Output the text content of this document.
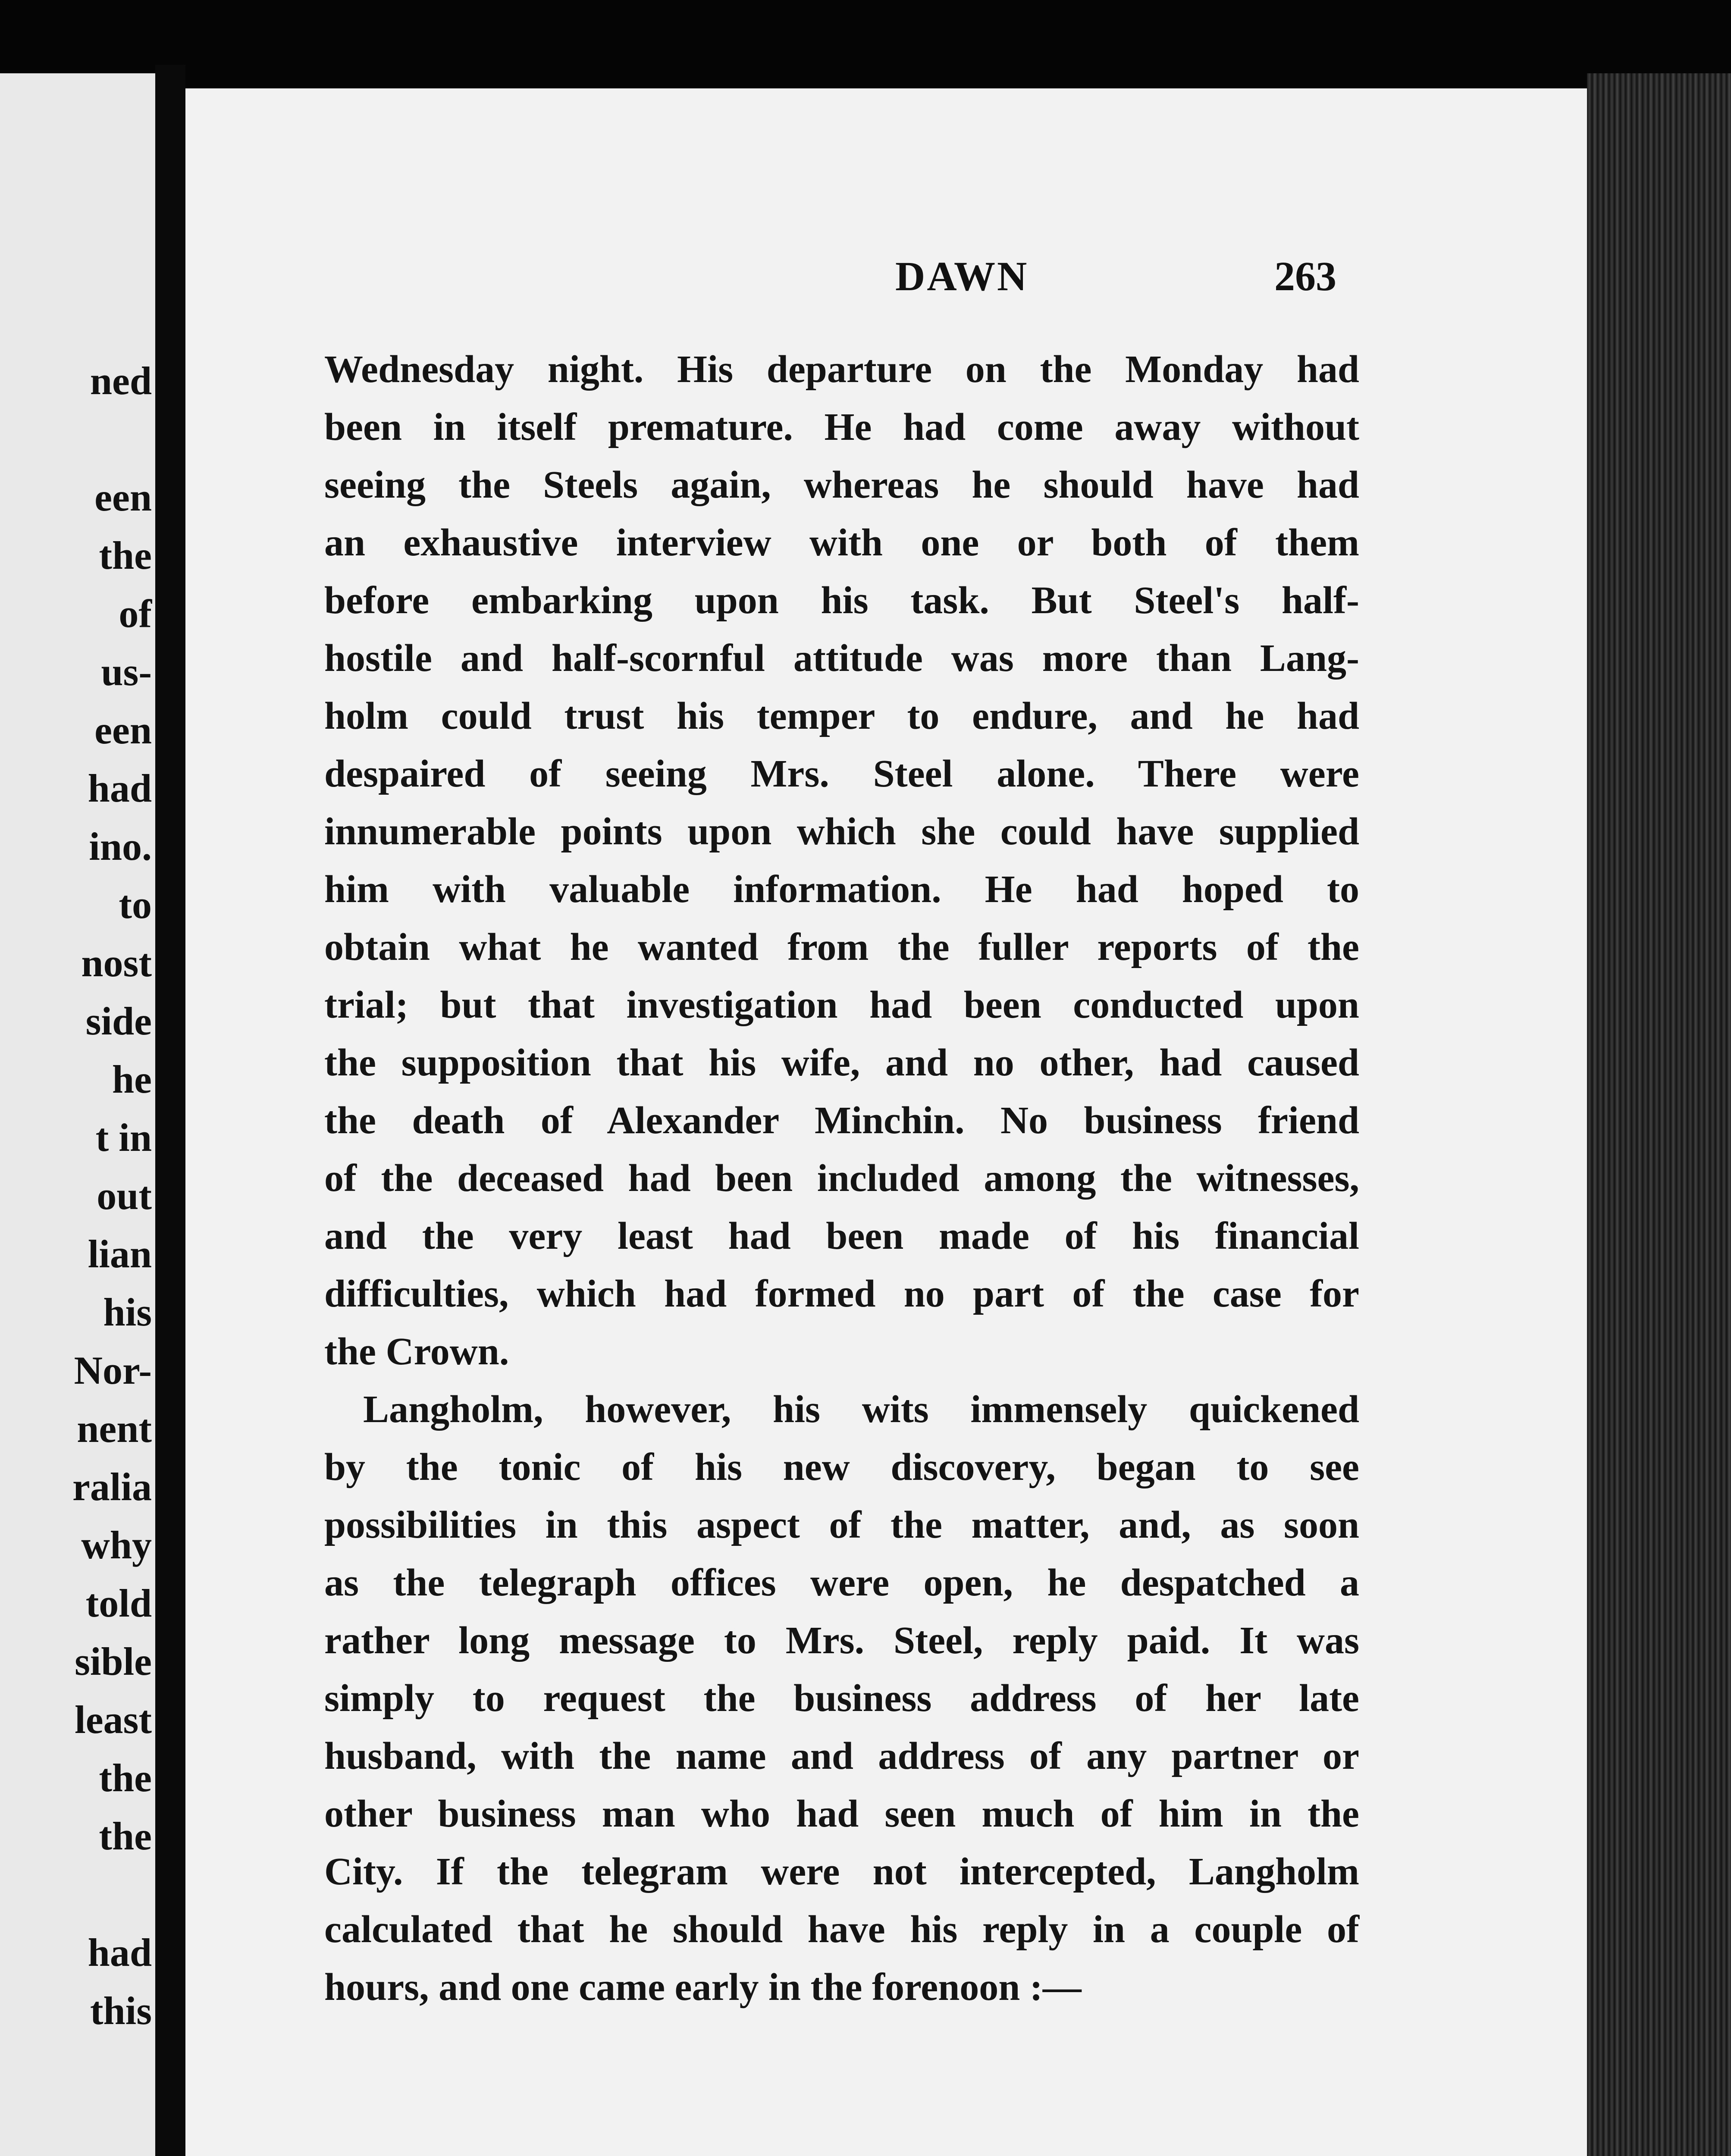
ned
een
the
of
us-
een
had
ino.
to
nost
side
he
t in
out
lian
his
Nor-
nent
ralia
why
told
sible
least
the
the
had
this
DAWN	263
Wednesday night. His departure on the Monday had
been in itself premature. He had come away without
seeing the Steels again, whereas he should have had
an exhaustive interview with one or both of them
before embarking upon his task. But Steel's half-
hostile and half-scornful attitude was more than Lang-
holm could trust his temper to endure, and he had
despaired of seeing Mrs. Steel alone. There were
innumerable points upon which she could have supplied
him with valuable information. He had hoped to
obtain what he wanted from the fuller reports of the
trial; but that investigation had been conducted upon
the supposition that his wife, and no other, had caused
the death of Alexander Minchin. No business friend
of the deceased had been included among the witnesses,
and the very least had been made of his financial
difficulties, which had formed no part of the case for
the Crown.
Langholm, however, his wits immensely quickened
by the tonic of his new discovery, began to see
possibilities in this aspect of the matter, and, as soon
as the telegraph offices were open, he despatched a
rather long message to Mrs. Steel, reply paid. It was
simply to request the business address of her late
husband, with the name and address of any partner or
other business man who had seen much of him in the
City. If the telegram were not intercepted, Langholm
calculated that he should have his reply in a couple of
hours, and one came early in the forenoon :—
